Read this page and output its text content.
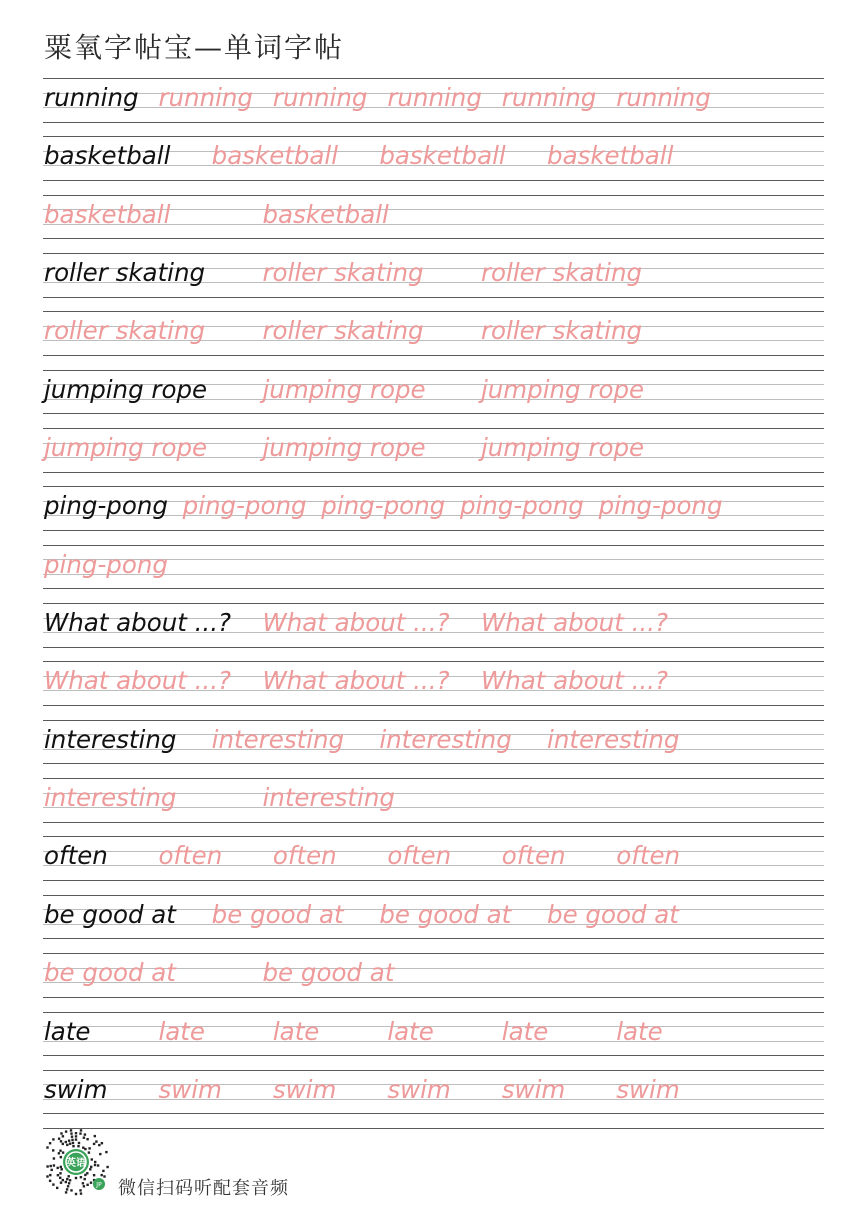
粟氧字帖宝—单词字帖
running running running running running running
basketball basketball basketball basketball
basketball	basketball
roller skating roller skating roller skating
roller skating roller skating roller skating
jumping rope jumping rope jumping rope
jumping rope jumping rope jumping rope
ping-pong ping-pong ping-pong ping-pong ping-pong
ping-pong
What about ...? What about ...? What about ...?
What about ...? What about ...? What about ...?
interesting interesting interesting interesting
interesting	interesting
often often often often often often
be good at be good at be good at be good at
be good at	be good at
late	late	late	late	late	late
swim swim swim swim swim swim
英语
JP 微信扫码听配套音频
